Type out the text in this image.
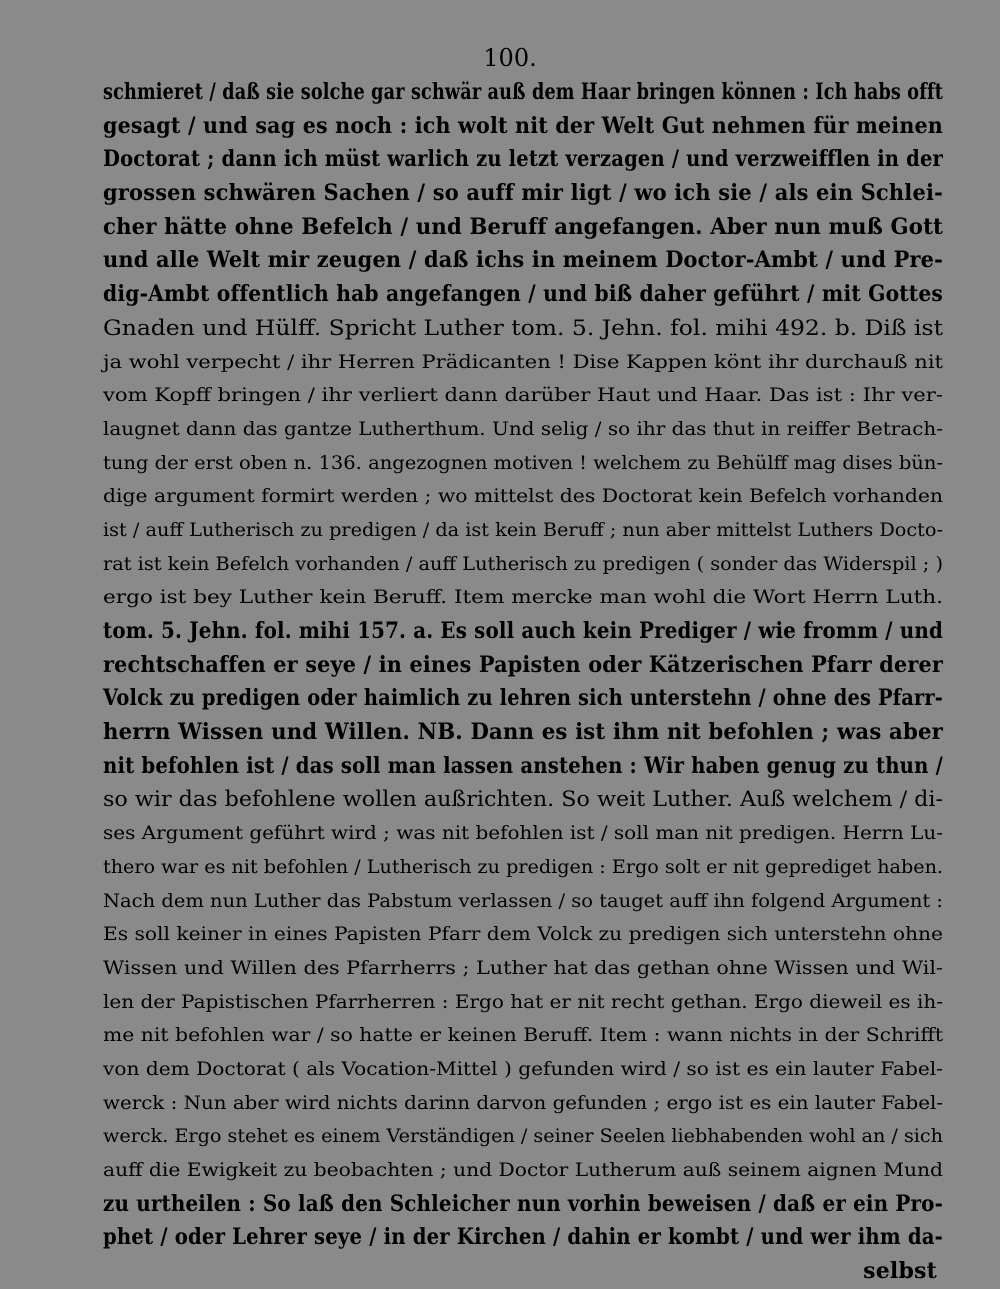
100.
schmieret / daß sie solche gar schwär auß dem Haar bringen können : Ich habs offt
gesagt / und sag es noch : ich wolt nit der Welt Gut nehmen für meinen
Doctorat ; dann ich müst warlich zu letzt verzagen / und verzweifflen in der
grossen schwären Sachen / so auff mir ligt / wo ich sie / als ein Schlei-
cher hätte ohne Befelch / und Beruff angefangen. Aber nun muß Gott
und alle Welt mir zeugen / daß ichs in meinem Doctor-Ambt / und Pre-
dig-Ambt offentlich hab angefangen / und biß daher geführt / mit Gottes
Gnaden und Hülff. Spricht Luther tom. 5. Jehn. fol. mihi 492. b. Diß ist
ja wohl verpecht / ihr Herren Prädicanten ! Dise Kappen könt ihr durchauß nit
vom Kopff bringen / ihr verliert dann darüber Haut und Haar. Das ist : Ihr ver-
laugnet dann das gantze Lutherthum. Und selig / so ihr das thut in reiffer Betrach-
tung der erst oben n. 136. angezognen motiven ! welchem zu Behülff mag dises bün-
dige argument formirt werden ; wo mittelst des Doctorat kein Befelch vorhanden
ist / auff Lutherisch zu predigen / da ist kein Beruff ; nun aber mittelst Luthers Docto-
rat ist kein Befelch vorhanden / auff Lutherisch zu predigen ( sonder das Widerspil ; )
ergo ist bey Luther kein Beruff. Item mercke man wohl die Wort Herrn Luth.
tom. 5. Jehn. fol. mihi 157. a. Es soll auch kein Prediger / wie fromm / und
rechtschaffen er seye / in eines Papisten oder Kätzerischen Pfarr derer
Volck zu predigen oder haimlich zu lehren sich unterstehn / ohne des Pfarr-
herrn Wissen und Willen. NB. Dann es ist ihm nit befohlen ; was aber
nit befohlen ist / das soll man lassen anstehen : Wir haben genug zu thun /
so wir das befohlene wollen außrichten. So weit Luther. Auß welchem / di-
ses Argument geführt wird ; was nit befohlen ist / soll man nit predigen. Herrn Lu-
thero war es nit befohlen / Lutherisch zu predigen : Ergo solt er nit geprediget haben.
Nach dem nun Luther das Pabstum verlassen / so tauget auff ihn folgend Argument :
Es soll keiner in eines Papisten Pfarr dem Volck zu predigen sich unterstehn ohne
Wissen und Willen des Pfarrherrs ; Luther hat das gethan ohne Wissen und Wil-
len der Papistischen Pfarrherren : Ergo hat er nit recht gethan. Ergo dieweil es ih-
me nit befohlen war / so hatte er keinen Beruff. Item : wann nichts in der Schrifft
von dem Doctorat ( als Vocation-Mittel ) gefunden wird / so ist es ein lauter Fabel-
werck : Nun aber wird nichts darinn darvon gefunden ; ergo ist es ein lauter Fabel-
werck. Ergo stehet es einem Verständigen / seiner Seelen liebhabenden wohl an / sich
auff die Ewigkeit zu beobachten ; und Doctor Lutherum auß seinem aignen Mund
zu urtheilen : So laß den Schleicher nun vorhin beweisen / daß er ein Pro-
phet / oder Lehrer seye / in der Kirchen / dahin er kombt / und wer ihm da-
selbst
